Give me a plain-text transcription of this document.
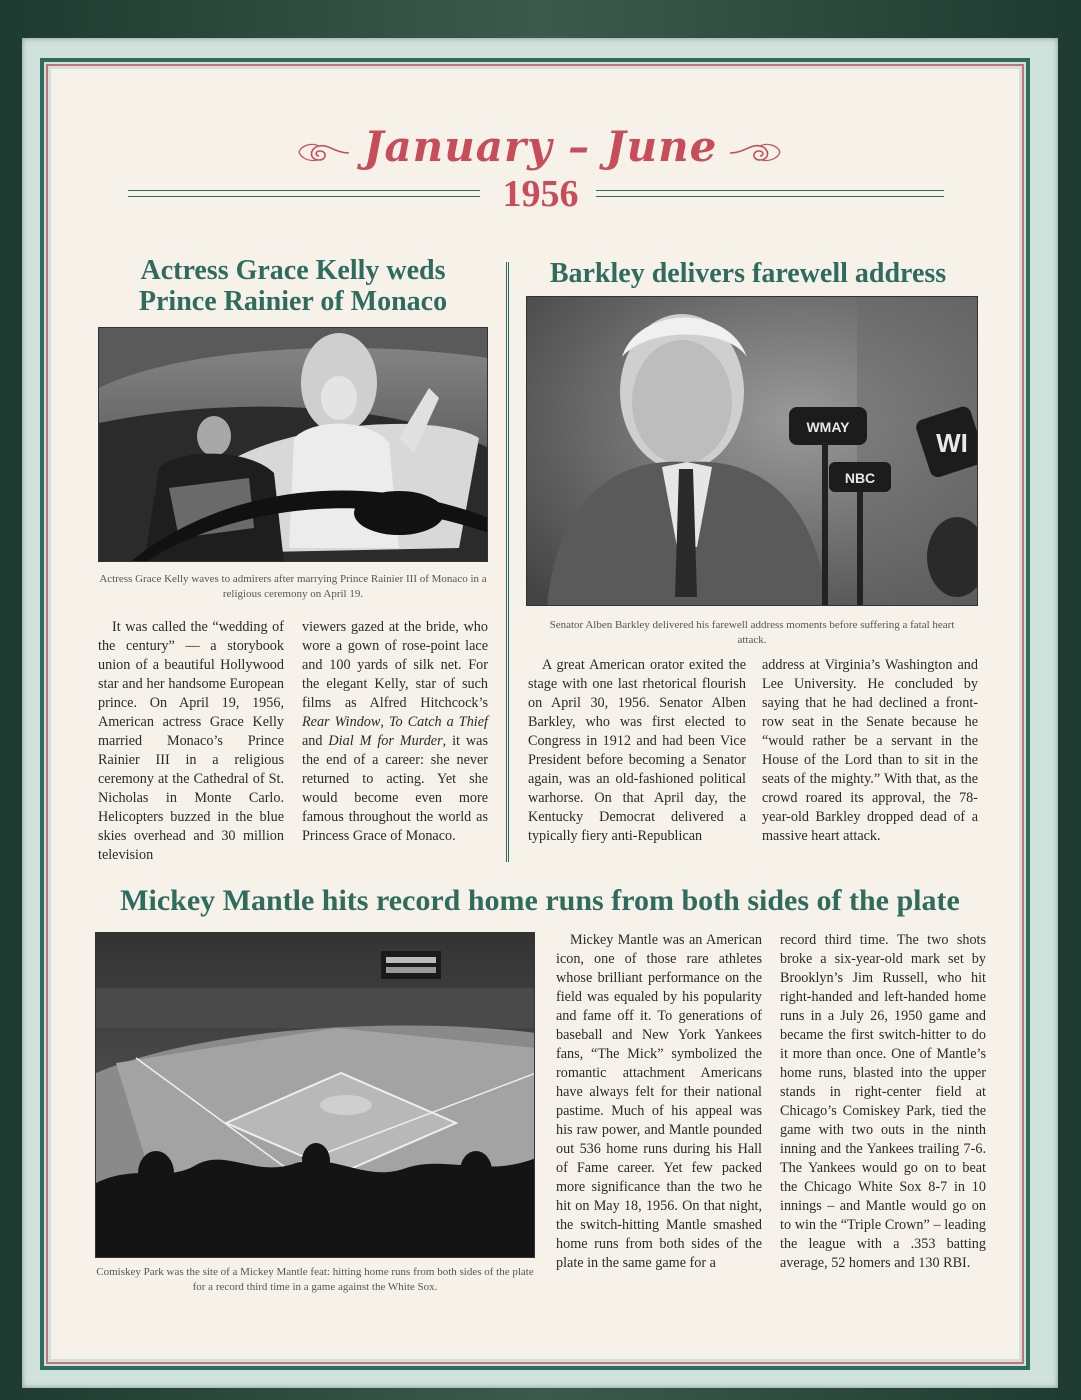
January – June
1956
Actress Grace Kelly weds
Prince Rainier of Monaco
Actress Grace Kelly waves to admirers after marrying Prince Rainier III of Monaco in a religious ceremony on April 19.

It was called the “wedding of the century” — a storybook union of a beautiful Hollywood star and her handsome European prince. On April 19, 1956, American actress Grace Kelly married Monaco’s Prince Rainier III in a religious ceremony at the Cathedral of St. Nicholas in Monte Carlo. Helicopters buzzed in the blue skies overhead and 30 million television

viewers gazed at the bride, who wore a gown of rose-point lace and 100 yards of silk net. For the elegant Kelly, star of such films as Alfred Hitchcock’s Rear Window, To Catch a Thief and Dial M for Murder, it was the end of a career: she never returned to acting. Yet she would become even more famous throughout the world as Princess Grace of Monaco.

Barkley delivers farewell address
WMAY
NBC
WI
Senator Alben Barkley delivered his farewell address moments before suffering a fatal heart attack.

A great American orator exited the stage with one last rhetorical flourish on April 30, 1956. Senator Alben Barkley, who was first elected to Congress in 1912 and had been Vice President before becoming a Senator again, was an old-fashioned political warhorse. On that April day, the Kentucky Democrat delivered a typically fiery anti-Republican

address at Virginia’s Washington and Lee University. He concluded by saying that he had declined a front-row seat in the Senate because he “would rather be a servant in the House of the Lord than to sit in the seats of the mighty.” With that, as the crowd roared its approval, the 78-year-old Barkley dropped dead of a massive heart attack.

Mickey Mantle hits record home runs from both sides of the plate
Comiskey Park was the site of a Mickey Mantle feat: hitting home runs from both sides of the plate for a record third time in a game against the White Sox.

Mickey Mantle was an American icon, one of those rare athletes whose brilliant performance on the field was equaled by his popularity and fame off it. To generations of baseball and New York Yankees fans, “The Mick” symbolized the romantic attachment Americans have always felt for their national pastime. Much of his appeal was his raw power, and Mantle pounded out 536 home runs during his Hall of Fame career. Yet few packed more significance than the two he hit on May 18, 1956. On that night, the switch-hitting Mantle smashed home runs from both sides of the plate in the same game for a

record third time. The two shots broke a six-year-old mark set by Brooklyn’s Jim Russell, who hit right-handed and left-handed home runs in a July 26, 1950 game and became the first switch-hitter to do it more than once. One of Mantle’s home runs, blasted into the upper stands in right-center field at Chicago’s Comiskey Park, tied the game with two outs in the ninth inning and the Yankees trailing 7-6. The Yankees would go on to beat the Chicago White Sox 8-7 in 10 innings – and Mantle would go on to win the “Triple Crown” – leading the league with a .353 batting average, 52 homers and 130 RBI.
